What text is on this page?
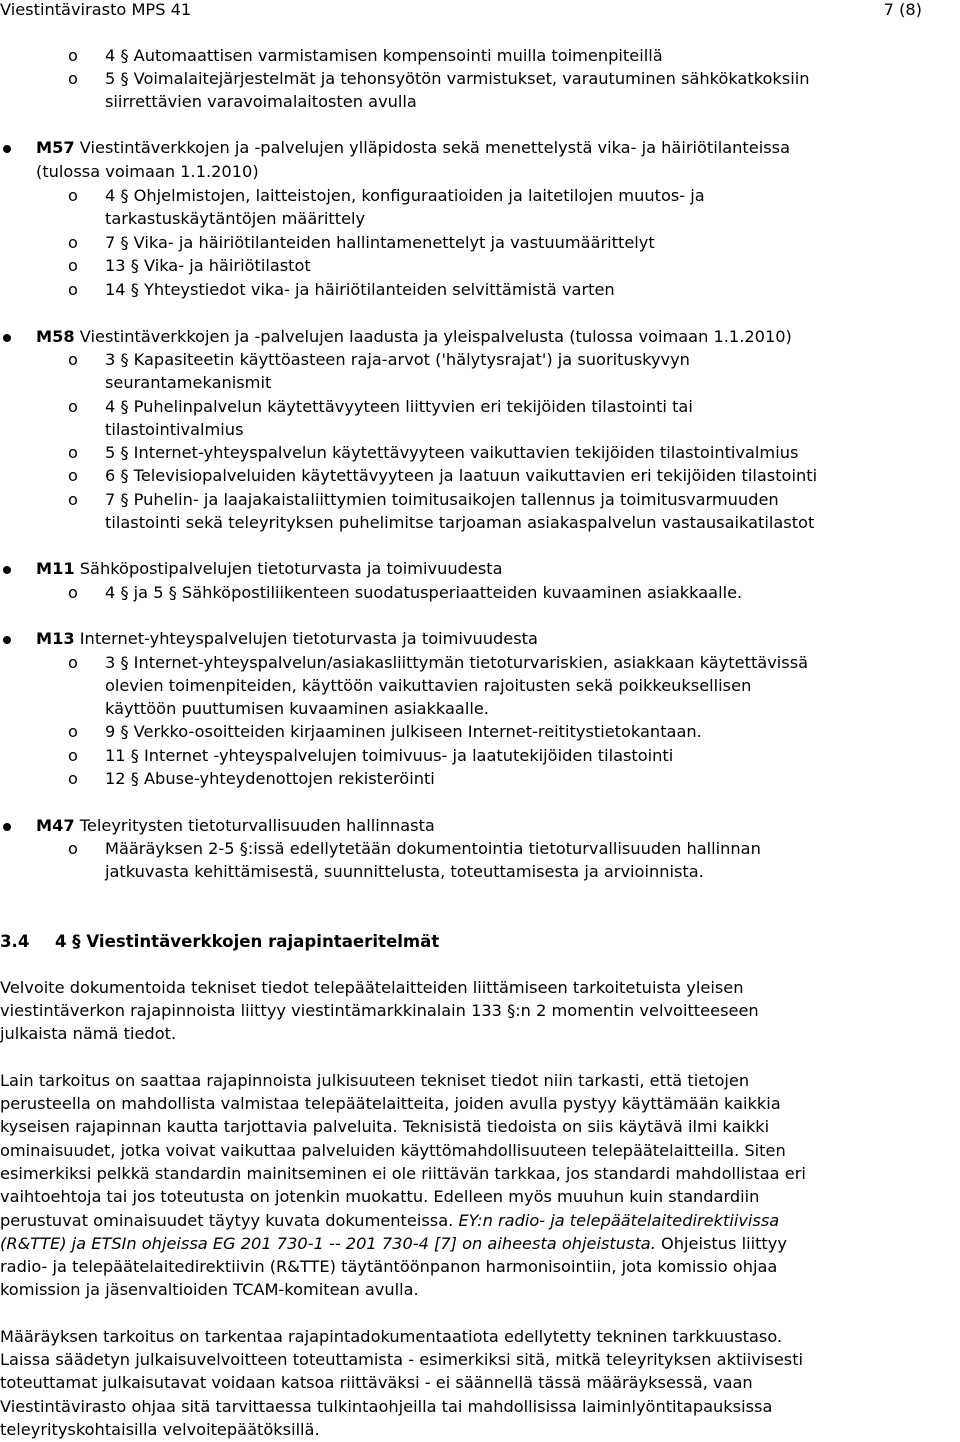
Viestintävirasto MPS 41	7 (8)
o 4 § Automaattisen varmistamisen kompensointi muilla toimenpiteillä
o 5 § Voimalaitejärjestelmät ja tehonsyötön varmistukset, varautuminen sähkökatkoksiin
siirrettävien varavoimalaitosten avulla
M57 Viestintäverkkojen ja -palvelujen ylläpidosta sekä menettelystä vika- ja häiriötilanteissa
(tulossa voimaan 1.1.2010)
o 4 § Ohjelmistojen, laitteistojen, konfiguraatioiden ja laitetilojen muutos- ja
tarkastuskäytäntöjen määrittely
o 7 § Vika- ja häiriötilanteiden hallintamenettelyt ja vastuumäärittelyt
o 13 § Vika- ja häiriötilastot
o 14 § Yhteystiedot vika- ja häiriötilanteiden selvittämistä varten
M58 Viestintäverkkojen ja -palvelujen laadusta ja yleispalvelusta (tulossa voimaan 1.1.2010)
o 3 § Kapasiteetin käyttöasteen raja-arvot ('hälytysrajat') ja suorituskyvyn
seurantamekanismit
o 4 § Puhelinpalvelun käytettävyyteen liittyvien eri tekijöiden tilastointi tai
tilastointivalmius
o 5 § Internet-yhteyspalvelun käytettävyyteen vaikuttavien tekijöiden tilastointivalmius
o 6 § Televisiopalveluiden käytettävyyteen ja laatuun vaikuttavien eri tekijöiden tilastointi
o 7 § Puhelin- ja laajakaistaliittymien toimitusaikojen tallennus ja toimitusvarmuuden
tilastointi sekä teleyrityksen puhelimitse tarjoaman asiakaspalvelun vastausaikatilastot
M11 Sähköpostipalvelujen tietoturvasta ja toimivuudesta
o 4 § ja 5 § Sähköpostiliikenteen suodatusperiaatteiden kuvaaminen asiakkaalle.
M13 Internet-yhteyspalvelujen tietoturvasta ja toimivuudesta
o 3 § Internet-yhteyspalvelun/asiakasliittymän tietoturvariskien, asiakkaan käytettävissä
olevien toimenpiteiden, käyttöön vaikuttavien rajoitusten sekä poikkeuksellisen
käyttöön puuttumisen kuvaaminen asiakkaalle.
o 9 § Verkko-osoitteiden kirjaaminen julkiseen Internet-reititystietokantaan.
o 11 § Internet -yhteyspalvelujen toimivuus- ja laatutekijöiden tilastointi
o 12 § Abuse-yhteydenottojen rekisteröinti
M47 Teleyritysten tietoturvallisuuden hallinnasta
o Määräyksen 2-5 §:issä edellytetään dokumentointia tietoturvallisuuden hallinnan
jatkuvasta kehittämisestä, suunnittelusta, toteuttamisesta ja arvioinnista.
3.4 4 § Viestintäverkkojen rajapintaeritelmät
Velvoite dokumentoida tekniset tiedot telepäätelaitteiden liittämiseen tarkoitetuista yleisen
viestintäverkon rajapinnoista liittyy viestintämarkkinalain 133 §:n 2 momentin velvoitteeseen
julkaista nämä tiedot.
Lain tarkoitus on saattaa rajapinnoista julkisuuteen tekniset tiedot niin tarkasti, että tietojen
perusteella on mahdollista valmistaa telepäätelaitteita, joiden avulla pystyy käyttämään kaikkia
kyseisen rajapinnan kautta tarjottavia palveluita. Teknisistä tiedoista on siis käytävä ilmi kaikki
ominaisuudet, jotka voivat vaikuttaa palveluiden käyttömahdollisuuteen telepäätelaitteilla. Siten
esimerkiksi pelkkä standardin mainitseminen ei ole riittävän tarkkaa, jos standardi mahdollistaa eri
vaihtoehtoja tai jos toteutusta on jotenkin muokattu. Edelleen myös muuhun kuin standardiin
perustuvat ominaisuudet täytyy kuvata dokumenteissa. EY:n radio- ja telepäätelaitedirektiivissa
(R&TTE) ja ETSIn ohjeissa EG 201 730-1 -- 201 730-4 [7] on aiheesta ohjeistusta. Ohjeistus liittyy
radio- ja telepäätelaitedirektiivin (R&TTE) täytäntöönpanon harmonisointiin, jota komissio ohjaa
komission ja jäsenvaltioiden TCAM-komitean avulla.
Määräyksen tarkoitus on tarkentaa rajapintadokumentaatiota edellytetty tekninen tarkkuustaso.
Laissa säädetyn julkaisuvelvoitteen toteuttamista - esimerkiksi sitä, mitkä teleyrityksen aktiivisesti
toteuttamat julkaisutavat voidaan katsoa riittäväksi - ei säännellä tässä määräyksessä, vaan
Viestintävirasto ohjaa sitä tarvittaessa tulkintaohjeilla tai mahdollisissa laiminlyöntitapauksissa
teleyrityskohtaisilla velvoitepäätöksillä.
